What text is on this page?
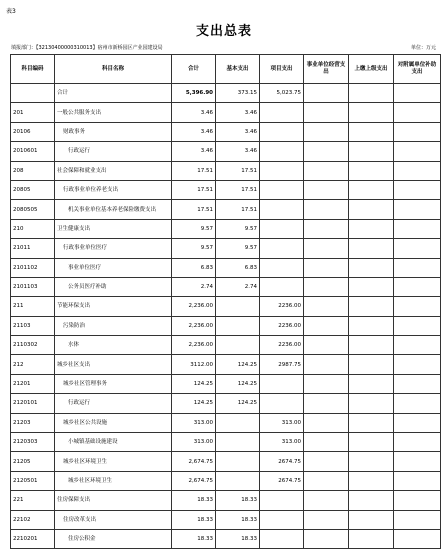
表3
支出总表
填报部门：【32130400000310013】宿州市新桥园区产业园建设局	单位：万元
科目编码	科目名称	合计	基本支出	项目支出	事业单位经营支出	上缴上级支出	对附属单位补助支出
	合计	5,396.90	373.15	5,023.75			
201	一般公共服务支出	3.46	3.46				
20106	财政事务	3.46	3.46				
2010601	行政运行	3.46	3.46				
208	社会保障和就业支出	17.51	17.51				
20805	行政事业单位养老支出	17.51	17.51				
2080505	机关事业单位基本养老保险缴费支出	17.51	17.51				
210	卫生健康支出	9.57	9.57				
21011	行政事业单位医疗	9.57	9.57				
2101102	事业单位医疗	6.83	6.83				
2101103	公务员医疗补助	2.74	2.74				
211	节能环保支出	2,236.00		2236.00			
21103	污染防治	2,236.00		2236.00			
2110302	水体	2,236.00		2236.00			
212	城乡社区支出	3112.00	124.25	2987.75			
21201	城乡社区管理事务	124.25	124.25				
2120101	行政运行	124.25	124.25				
21203	城乡社区公共设施	313.00		313.00			
2120303	小城镇基础设施建设	313.00		313.00			
21205	城乡社区环境卫生	2,674.75		2674.75			
2120501	城乡社区环境卫生	2,674.75		2674.75			
221	住房保障支出	18.33	18.33				
22102	住房改革支出	18.33	18.33				
2210201	住房公积金	18.33	18.33				
